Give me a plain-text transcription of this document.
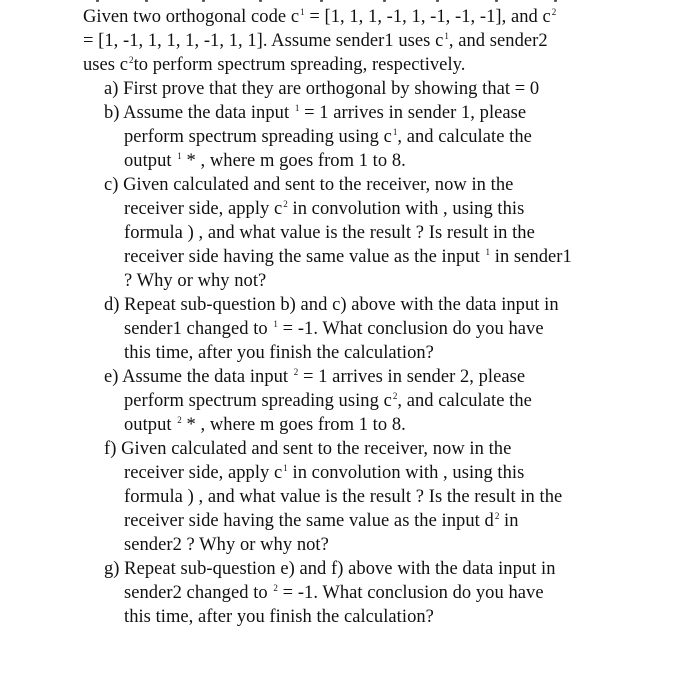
Given two orthogonal code $c^1 = [1$, 1, 1, -1, 1, -1, -1, -1], and $c^2$
= [1, -1, 1, 1, 1, -1, 1, 1]. Assume sender1 uses $c^1$, and sender2
uses $c^2to$ perform spectrum spreading, respectively.
a) First prove that they are orthogonal by showing that = 0
b) Assume the data input $^1$ = 1 arrives in sender 1, please
perform spectrum spreading using $c^1$, and calculate the
output $^1$ * , where m goes from 1 to 8.
c) Given calculated and sent to the receiver, now in the
receiver side, apply $c^2$ in convolution with , using this
formula ) , and what value is the result ? Is result in the
receiver side having the same value as the input $^1$ in sender1
? Why or why not?
d) Repeat sub-question b) and c) above with the data input in
sender1 changed to $^1$ = -1. What conclusion do you have
this time, after you finish the calculation?
e) Assume the data input $^2$ = 1 arrives in sender 2, please
perform spectrum spreading using $c^2$, and calculate the
output $^2$ * , where m goes from 1 to 8.
f) Given calculated and sent to the receiver, now in the
receiver side, apply $c^1$ in convolution with , using this
formula ) , and what value is the result ? Is the result in the
receiver side having the same value as the input $d^2$ in
sender2 ? Why or why not?
g) Repeat sub-question e) and f) above with the data input in
sender2 changed to $^2$ = -1. What conclusion do you have
this time, after you finish the calculation?
